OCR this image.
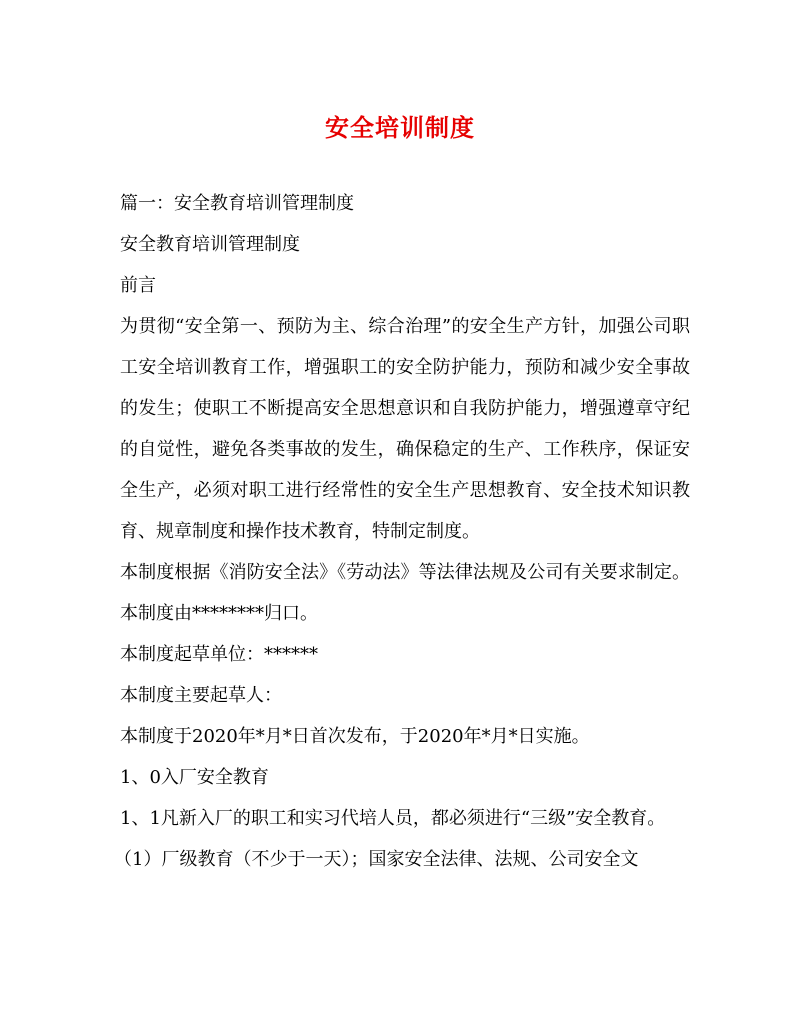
安全培训制度

篇一：安全教育培训管理制度

安全教育培训管理制度

前言

为贯彻“安全第一、预防为主、综合治理”的安全生产方针，加强公司职工安全培训教育工作，增强职工的安全防护能力，预防和减少安全事故的发生；使职工不断提高安全思想意识和自我防护能力，增强遵章守纪的自觉性，避免各类事故的发生，确保稳定的生产、工作秩序，保证安全生产，必须对职工进行经常性的安全生产思想教育、安全技术知识教育、规章制度和操作技术教育，特制定制度。

本制度根据《消防安全法》《劳动法》等法律法规及公司有关要求制定。 本制度由********归口。

本制度起草单位：******

本制度主要起草人：

本制度于2020年*月*日首次发布，于2020年*月*日实施。

1、0入厂安全教育

1、1凡新入厂的职工和实习代培人员，都必须进行“三级”安全教育。

（1）厂级教育（不少于一天）；国家安全法律、法规、公司安全文
